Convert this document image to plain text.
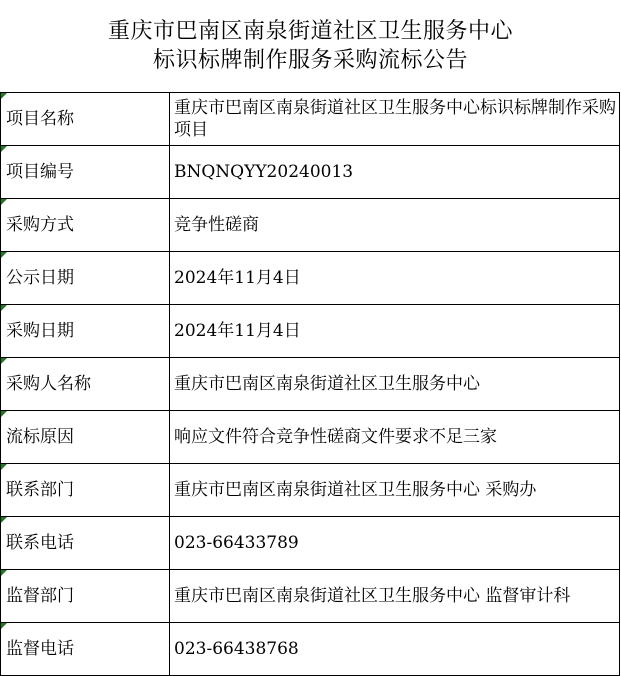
重庆市巴南区南泉街道社区卫生服务中心
标识标牌制作服务采购流标公告
项目名称	重庆市巴南区南泉街道社区卫生服务中心标识标牌制作采购项目

项目编号	BNQNQYY20240013

采购方式	竞争性磋商

公示日期	2024年11月4日

采购日期	2024年11月4日

采购人名称	重庆市巴南区南泉街道社区卫生服务中心

流标原因	响应文件符合竞争性磋商文件要求不足三家

联系部门	重庆市巴南区南泉街道社区卫生服务中心 采购办

联系电话	023-66433789

监督部门	重庆市巴南区南泉街道社区卫生服务中心 监督审计科

监督电话	023-66438768
